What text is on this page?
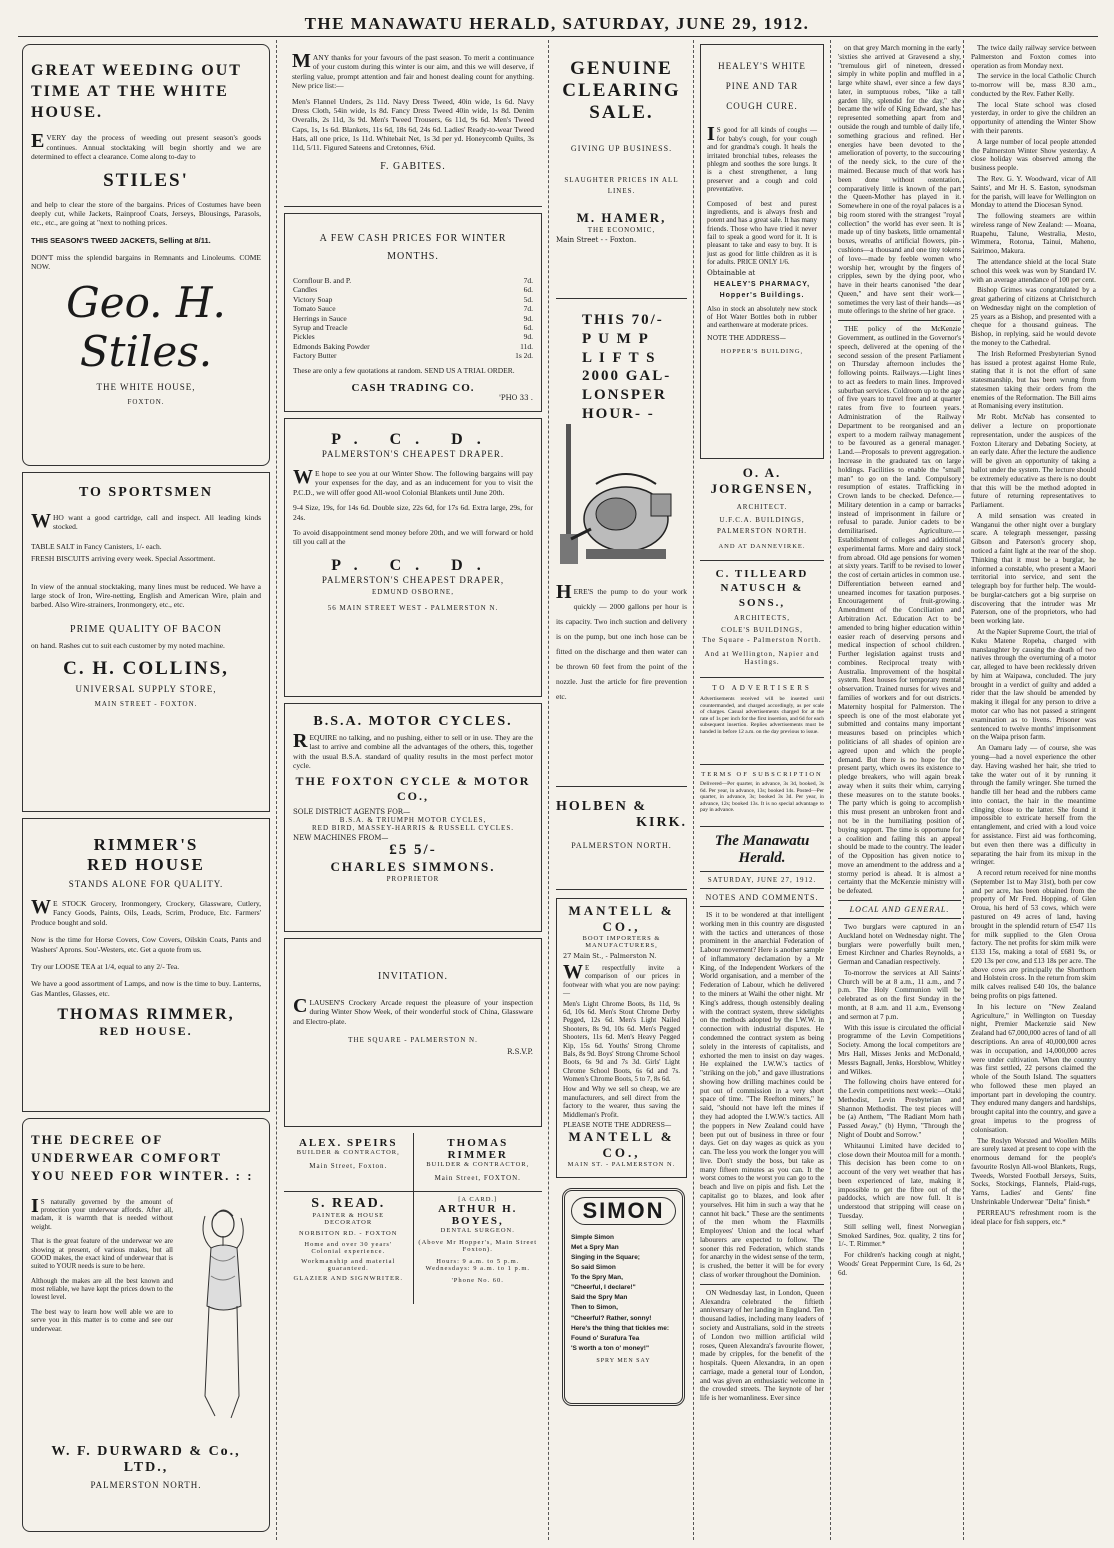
THE MANAWATU HERALD, SATURDAY, JUNE 29, 1912.
GREAT WEEDING OUT TIME AT THE WHITE HOUSE.

EVERY day the process of weeding out present season's goods continues. Annual stocktaking will begin shortly and we are determined to effect a clearance. Come along to-day to

STILES'

and help to clear the store of the bargains. Prices of Costumes have been deeply cut, while Jackets, Rainproof Coats, Jerseys, Blousings, Parasols, etc., etc., are going at "next to nothing prices.

THIS SEASON'S TWEED JACKETS, Selling at 8/11.

DON'T miss the splendid bargains in Remnants and Linoleums. COME NOW.

Geo. H. Stiles.
THE WHITE HOUSE,
FOXTON.
TO SPORTSMEN

WHO want a good cartridge, call and inspect. All leading kinds stocked.

TABLE SALT in Fancy Canisters, 1/- each.

FRESH BISCUITS arriving every week. Special Assortment.

In view of the annual stocktaking, many lines must be reduced. We have a large stock of Iron, Wire-netting, English and American Wire, plain and barbed. Also Wire-strainers, Ironmongery, etc., etc.

PRIME QUALITY OF BACON

on hand. Rashes cut to suit each customer by my noted machine.

C. H. COLLINS,
UNIVERSAL SUPPLY STORE,
MAIN STREET - FOXTON.
RIMMER'S
RED HOUSE
STANDS ALONE FOR QUALITY.

WE STOCK Grocery, Ironmongery, Crockery, Glassware, Cutlery, Fancy Goods, Paints, Oils, Leads, Scrim, Produce, Etc. Farmers' Produce bought and sold.

Now is the time for Horse Covers, Cow Covers, Oilskin Coats, Pants and Washers' Aprons. Sou'-Westers, etc. Get a quote from us.

Try our LOOSE TEA at 1/4, equal to any 2/- Tea.

We have a good assortment of Lamps, and now is the time to buy. Lanterns, Gas Mantles, Glasses, etc.

THOMAS RIMMER,
RED HOUSE.
THE DECREE OF UNDERWEAR COMFORT YOU NEED FOR WINTER. : :

IS naturally governed by the amount of protection your underwear affords. After all, madam, it is warmth that is needed without weight.

That is the great feature of the underwear we are showing at present, of various makes, but all GOOD makes, the exact kind of underwear that is suited to YOUR needs is sure to be here.

Although the makes are all the best known and most reliable, we have kept the prices down to the lowest level.

The best way to learn how well able we are to serve you in this matter is to come and see our underwear.

W. F. DURWARD & Co., LTD.,
PALMERSTON NORTH.

MANY thanks for your favours of the past season. To merit a continuance of your custom during this winter is our aim, and this we will deserve, if sterling value, prompt attention and fair and honest dealing count for anything. New price list:—

Men's Flannel Unders, 2s 11d. Navy Dress Tweed, 40in wide, 1s 6d. Navy Dress Cloth, 54in wide, 1s 8d. Fancy Dress Tweed 40in wide, 1s 8d. Denim Overalls, 2s 11d, 3s 9d. Men's Tweed Trousers, 6s 11d, 9s 6d. Men's Tweed Caps, 1s, 1s 6d. Blankets, 11s 6d, 18s 6d, 24s 6d. Ladies' Ready-to-wear Tweed Hats, all one price, 1s 11d. Whitebait Net, 1s 3d per yd. Honeycomb Quilts, 3s 11d, 5/11. Figured Sateens and Cretonnes, 6¾d.

F. GABITES.
A FEW CASH PRICES FOR WINTER MONTHS.
Cornflour B. and P.	7d.
Candles	6d.
Victory Soap	5d.
Tomato Sauce	7d.
Herrings in Sauce	9d.
Syrup and Treacle	6d.
Pickles	9d.
Edmonds Baking Powder	11d.
Factory Butter	1s 2d.

These are only a few quotations at random. SEND US A TRIAL ORDER.

CASH TRADING CO.
'PHO 33 .
P. C. D.
PALMERSTON'S CHEAPEST DRAPER.

WE hope to see you at our Winter Show. The following bargains will pay your expenses for the day, and as an inducement for you to visit the P.C.D., we will offer good All-wool Colonial Blankets until June 20th.

9-4 Size, 19s, for 14s 6d. Double size, 22s 6d, for 17s 6d. Extra large, 29s, for 24s.

To avoid disappointment send money before 20th, and we will forward or hold till you call at the

P. C. D.
PALMERSTON'S CHEAPEST DRAPER,
EDMUND OSBORNE,
56 MAIN STREET WEST - PALMERSTON N.
B.S.A. MOTOR CYCLES.

REQUIRE no talking, and no pushing, either to sell or in use. They are the last to arrive and combine all the advantages of the others, this, together with the usual B.S.A. standard of quality results in the most perfect motor cycle.

THE FOXTON CYCLE & MOTOR CO.,
SOLE DISTRICT AGENTS FOR—
B.S.A. & TRIUMPH MOTOR CYCLES,
RED BIRD, MASSEY-HARRIS & RUSSELL CYCLES.
NEW MACHINES FROM—
£5 5/-
CHARLES SIMMONS.
PROPRIETOR
INVITATION.

CLAUSEN'S Crockery Arcade request the pleasure of your inspection during Winter Show Week, of their wonderful stock of China, Glassware and Electro-plate.

THE SQUARE - PALMERSTON N.
R.S.V.P.
ALEX. SPEIRS
BUILDER & CONTRACTOR,
Main Street, Foxton.
THOMAS RIMMER
BUILDER & CONTRACTOR,
Main Street, FOXTON.
S. READ.
PAINTER & HOUSE DECORATOR
NORBITON RD. - FOXTON
Home and over 30 years' Colonial experience.
Workmanship and material guaranteed.
GLAZIER AND SIGNWRITER.
[A CARD.]
ARTHUR H. BOYES,
DENTAL SURGEON.
(Above Mr Hopper's, Main Street Foxton).
Hours: 9 a.m. to 5 p.m. Wednesdays: 9 a.m. to 1 p.m.
'Phone No. 60.
GENUINE
CLEARING
SALE.
GIVING UP BUSINESS.
SLAUGHTER PRICES IN ALL LINES.
M. HAMER,
THE ECONOMIC,
Main Street - - Foxton.
THIS 70/-
P U M P
L I F T S
2000 GAL-
LONSPER
HOUR- -

HERE'S the pump to do your work quickly — 2000 gallons per hour is its capacity. Two inch suction and delivery is on the pump, but one inch hose can be fitted on the discharge and then water can be thrown 60 feet from the point of the nozzle. Just the article for fire prevention etc.

HOLBEN &
KIRK.
PALMERSTON NORTH.
MANTELL & CO.,
BOOT IMPORTERS & MANUFACTURERS,
27 Main St., - Palmerston N.

WE respectfully invite a comparison of our prices in footwear with what you are now paying:—

Men's Light Chrome Boots, 8s 11d, 9s 6d, 10s 6d. Men's Stout Chrome Derby Pegged, 12s 6d. Men's Light Nailed Shooters, 8s 9d, 10s 6d. Men's Pegged Shooters, 11s 6d. Men's Heavy Pegged Kip, 15s 6d. Youths' Strong Chrome Bals, 8s 9d. Boys' Strong Chrome School Boots, 6s 9d and 7s 3d. Girls' Light Chrome School Boots, 6s 6d and 7s. Women's Chrome Boots, 5 to 7, 8s 6d.

How and Why we sell so cheap, we are manufacturers, and sell direct from the factory to the wearer, thus saving the Middleman's Profit.

PLEASE NOTE THE ADDRESS—
MANTELL & CO.,
MAIN ST. - PALMERSTON N.
SIMON
Simple Simon
Met a Spry Man
Singing in the Square;
So said Simon
To the Spry Man,
"Cheerful, I declare!"
Said the Spry Man
Then to Simon,
"Cheerful? Rather, sonny!
Here's the thing that tickles me:
Found o' Surafura Tea
'S worth a ton o' money!"
SPRY MEN SAY
HEALEY'S WHITE
PINE AND TAR
COUGH CURE.

IS good for all kinds of coughs — for baby's cough, for your cough and for grandma's cough. It heals the irritated bronchial tubes, releases the phlegm and soothes the sore lungs. It is a chest strengthener, a lung preserver and a cough and cold preventative.

Composed of best and purest ingredients, and is always fresh and potent and has a great sale. It has many friends. Those who have tried it never fail to speak a good word for it. It is pleasant to take and easy to buy. It is just as good for little children as it is for adults. PRICE ONLY 1/6.

Obtainable at
HEALEY'S PHARMACY,
Hopper's Buildings.

Also in stock an absolutely new stock of Hot Water Bottles both in rubber and earthenware at moderate prices.

NOTE THE ADDRESS—
HOPPER'S BUILDING,
O. A. JORGENSEN,
ARCHITECT.
U.F.C.A. BUILDINGS, PALMERSTON NORTH.
AND AT DANNEVIRKE.
C. TILLEARD NATUSCH & SONS.,
ARCHITECTS,
COLE'S BUILDINGS,
The Square - Palmerston North.
And at Wellington, Napier and Hastings.
TO ADVERTISERS

Advertisements received will be inserted until countermanded, and charged accordingly, as per scale of charges. Casual advertisements charged for at the rate of 1s per inch for the first insertion, and 6d for each subsequent insertion. Replies advertisements must be handed in before 12 a.m. on the day previous to issue.

TERMS OF SUBSCRIPTION

Delivered—Per quarter, in advance, 3s 3d, booked, 3s 6d. Per year, in advance, 13s; booked 14s. Posted—Per quarter, in advance, 3s; booked 3s 3d. Per year, in advance, 12s; booked 13s. It is no special advantage to pay in advance.

The Manawatu Herald.
SATURDAY, JUNE 27, 1912.
NOTES AND COMMENTS.

IS it to be wondered at that intelligent working men in this country are disgusted with the tactics and utterances of those prominent in the anarchial Federation of Labour movement? Here is another sample of inflammatory declamation by a Mr King, of the Independent Workers of the World organisation, and a member of the Federation of Labour, which he delivered to the miners at Waihi the other night. Mr King's address, though ostensibly dealing with the contract system, threw sidelights on the methods adopted by the I.W.W. in connection with industrial disputes. He condemned the contract system as being solely in the interests of capitalists, and exhorted the men to insist on day wages. He explained the I.W.W.'s tactics of "striking on the job," and gave illustrations showing how drilling machines could be put out of commission in a very short space of time. "The Reefton miners," he said, "should not have left the mines if they had adopted the I.W.W.'s tactics. All the poppers in New Zealand could have been put out of business in three or four days. Get on day wages as quick as you can. The less you work the longer you will live. Don't study the boss, but take as many fifteen minutes as you can. It the worst comes to the worst you can go to the beach and live on pipis and fish. Let the capitalist go to blazes, and look after yourselves. Hit him in such a way that he cannot hit back." These are the sentiments of the men whom the Flaxmills Employees' Union and the local wharf labourers are expected to follow. The sooner this red Federation, which stands for anarchy in the widest sense of the term, is crushed, the better it will be for every class of worker throughout the Dominion.

ON Wednesday last, in London, Queen Alexandra celebrated the fiftieth anniversary of her landing in England. Ten thousand ladies, including many leaders of society and Australians, sold in the streets of London two million artificial wild roses, Queen Alexandra's favourite flower, made by cripples, for the benefit of the hospitals. Queen Alexandra, in an open carriage, made a general tour of London, and was given an enthusiastic welcome in the crowded streets. The keynote of her life is her womanliness. Ever since

on that grey March morning in the early 'sixties she arrived at Gravesend a shy, "tremulous girl of nineteen, dressed simply in white poplin and muffled in a large white shawl, ever since a few days later, in sumptuous robes, "like a tall garden lily, splendid for the day," she became the wife of King Edward, she has represented something apart from and outside the rough and tumble of daily life, something gracious and refined. Her energies have been devoted to the amelioration of poverty, to the succouring of the needy sick, to the cure of the maimed. Because much of that work has been done without ostentation, comparatively little is known of the part the Queen-Mother has played in it. Somewhere in one of the royal palaces is a big room stored with the strangest "royal collection" the world has ever seen. It is made up of tiny baskets, little ornamental boxes, wreaths of artificial flowers, pin-cushions—a thousand and one tiny tokens of love—made by feeble women who worship her, wrought by the fingers of cripples, sewn by the dying poor, who have in their hearts canonised "the dear Queen," and have sent their work—sometimes the very last of their hands—as mute offerings to the shrine of her grace.

THE policy of the McKenzie Government, as outlined in the Governor's speech, delivered at the opening of the second session of the present Parliament on Thursday afternoon includes the following points. Railways.—Light lines to act as feeders to main lines. Improved suburban services. Coldroom up to the age of five years to travel free and at quarter rates from five to fourteen years. Administration of the Railway Department to be reorganised and an expert to a modern railway management to be favoured as a general manager. Land.—Proposals to prevent aggregation. Increase in the graduated tax on large holdings. Facilities to enable the "small man" to go on the land. Compulsory resumption of estates. Trafficking in Crown lands to be checked. Defence.—Military detention in a camp or barracks instead of imprisonment in failure or refusal to parade. Junior cadets to be demilitarised. Agriculture.—Establishment of colleges and additional experimental farms. More and dairy stock from abroad. Old age pensions for women at sixty years. Tariff to be revised to lower the cost of certain articles in common use. Differentiation between earned and unearned incomes for taxation purposes. Encouragement of fruit-growing. Amendment of the Conciliation and Arbitration Act. Education Act to be amended to bring higher education within easier reach of deserving persons and medical inspection of school children. Further legislation against trusts and combines. Reciprocal treaty with Australia. Improvement of the hospital system. Rest houses for temporary mental observation. Trained nurses for wives and families of workers and for out districts. Maternity hospital for Palmerston. The speech is one of the most elaborate yet submitted and contains many important measures based on principles which politicians of all shades of opinion are agreed upon and which the people demand. But there is no hope for the present party, which owes its existence to pledge breakers, who will again break away when it suits their whim, carrying these measures on to the statute books. The party which is going to accomplish this must present an unbroken front and not be in the humiliating position of buying support. The time is opportune for a coalition and failing this an appeal should be made to the country. The leader of the Opposition has given notice to move an amendment to the address and a stormy period is ahead. It is almost a certainty that the McKenzie ministry will be defeated.

LOCAL AND GENERAL.

Two burglars were captured in an Auckland hotel on Wednesday night. The burglars were powerfully built men, Ernest Kirchner and Charles Reynolds, a German and Canadian respectively.

To-morrow the services at All Saints' Church will be at 8 a.m., 11 a.m., and 7 p.m. The Holy Communion will be celebrated as on the first Sunday in the month, at 8 a.m. and 11 a.m., Evensong and sermon at 7 p.m.

With this issue is circulated the official programme of the Levin Competitions Society. Among the local competitors are Mrs Hall, Misses Jenks and McDonald, Messrs Bagnall, Jenks, Horsblow, Whitley and Wilkes.

The following choirs have entered for the Levin competitions next week:—Otaki Methodist, Levin Presbyterian and Shannon Methodist. The test pieces will be (a) Anthem, "The Radiant Morn hath Passed Away," (b) Hymn, "Through the Night of Doubt and Sorrow."

Whitaunui Limited have decided to close down their Moutoa mill for a month. This decision has been come to on account of the very wet weather that has been experienced of late, making it impossible to get the fibre out of the paddocks, which are now full. It is understood that stripping will cease on Tuesday.

Still selling well, finest Norwegian Smoked Sardines, 9oz. quality, 2 tins for 1/-. T. Rimmer.*

For children's hacking cough at night, Woods' Great Peppermint Cure, 1s 6d, 2s 6d.

The twice daily railway service between Palmerston and Foxton comes into operation as from Monday next.

The service in the local Catholic Church to-morrow will be, mass 8.30 a.m., conducted by the Rev. Father Kelly.

The local State school was closed yesterday, in order to give the children an opportunity of attending the Winter Show with their parents.

A large number of local people attended the Palmerston Winter Show yesterday. A close holiday was observed among the business people.

The Rev. G. Y. Woodward, vicar of All Saints', and Mr H. S. Easton, synodsman for the parish, will leave for Wellington on Monday to attend the Diocesan Synod.

The following steamers are within wireless range of New Zealand: — Moana, Ruapehu, Talune, Westralia, Mesto, Wimmera, Rotorua, Tainui, Maheno, Sairimoo, Makura.

The attendance shield at the local State school this week was won by Standard IV. with an average attendance of 100 per cent.

Bishop Grimes was congratulated by a great gathering of citizens at Christchurch on Wednesday night on the completion of 25 years as a Bishop, and presented with a cheque for a thousand guineas. The Bishop, in replying, said he would devote the money to the Cathedral.

The Irish Reformed Presbyterian Synod has issued a protest against Home Rule, stating that it is not the effort of sane statesmanship, but has been wrung from statesmen taking their orders from the enemies of the Reformation. The Bill aims at Romanising every institution.

Mr Robt. McNab has consented to deliver a lecture on proportionate representation, under the auspices of the Foxton Literary and Debating Society, at an early date. After the lecture the audience will be given an opportunity of taking a ballot under the system. The lecture should be extremely educative as there is no doubt that this will be the method adopted in future of returning representatives to Parliament.

A mild sensation was created in Wanganui the other night over a burglary scare. A telegraph messenger, passing Gibson and Paterson's grocery shop, noticed a faint light at the rear of the shop. Thinking that it must be a burglar, he informed a constable, who present a Maori territorial into service, and sent the telegraph boy for further help. The would-be burglar-catchers got a big surprise on discovering that the intruder was Mr Paterson, one of the proprietors, who had been working late.

At the Napier Supreme Court, the trial of Kuku Matene Ropeha, charged with manslaughter by causing the death of two natives through the overturning of a motor car, alleged to have been recklessly driven by him at Waipawa, concluded. The jury brought in a verdict of guilty and added a rider that the law should be amended by making it illegal for any person to drive a motor car who has not passed a stringent examination as to livens. Prisoner was sentenced to twelve months' imprisonment on the Waipa prison farm.

An Oamaru lady — of course, she was young—had a novel experience the other day. Having washed her hair, she tried to take the water out of it by running it through the family wringer. She turned the handle till her head and the rubbers came into contact, the hair in the meantime clinging close to the latter. She found it impossible to extricate herself from the entanglement, and cried with a loud voice for assistance. First aid was forthcoming, but even then there was a difficulty in separating the hair from its mixup in the wringer.

A record return received for nine months (September 1st to May 31st), both per cow and per acre, has been obtained from the property of Mr Fred. Hopping, of Glen Oroua, his herd of 53 cows, which were pastured on 49 acres of land, having brought in the splendid return of £547 11s for milk supplied to the Glen Oroua factory. The net profits for skim milk were £133 15s, making a total of £681 9s, or £20 13s per cow, and £13 18s per acre. The above cows are principally the Shorthorn and Holstein cross. In the return from skim milk calves realised £40 10s, the balance being profits on pigs fattened.

In his lecture on "New Zealand Agriculture," in Wellington on Tuesday night, Premier Mackenzie said New Zealand had 67,000,000 acres of land of all descriptions. An area of 40,000,000 acres was in occupation, and 14,000,000 acres were under cultivation. When the country was first settled, 22 persons claimed the whole of the South Island. The squatters who followed these men played an important part in developing the country. They endured many dangers and hardships, brought capital into the country, and gave a great impetus to the progress of colonisation.

The Roslyn Worsted and Woollen Mills are surely taxed at present to cope with the enormous demand for the people's favourite Roslyn All-wool Blankets, Rugs, Tweeds, Worsted Football Jerseys, Suits, Socks, Stockings, Flannels, Plaid-rugs, Yarns, Ladies' and Gents' fine Unshrinkable Underwear "Delta" finish.*

PERREAU'S refreshment room is the ideal place for fish suppers, etc.*
